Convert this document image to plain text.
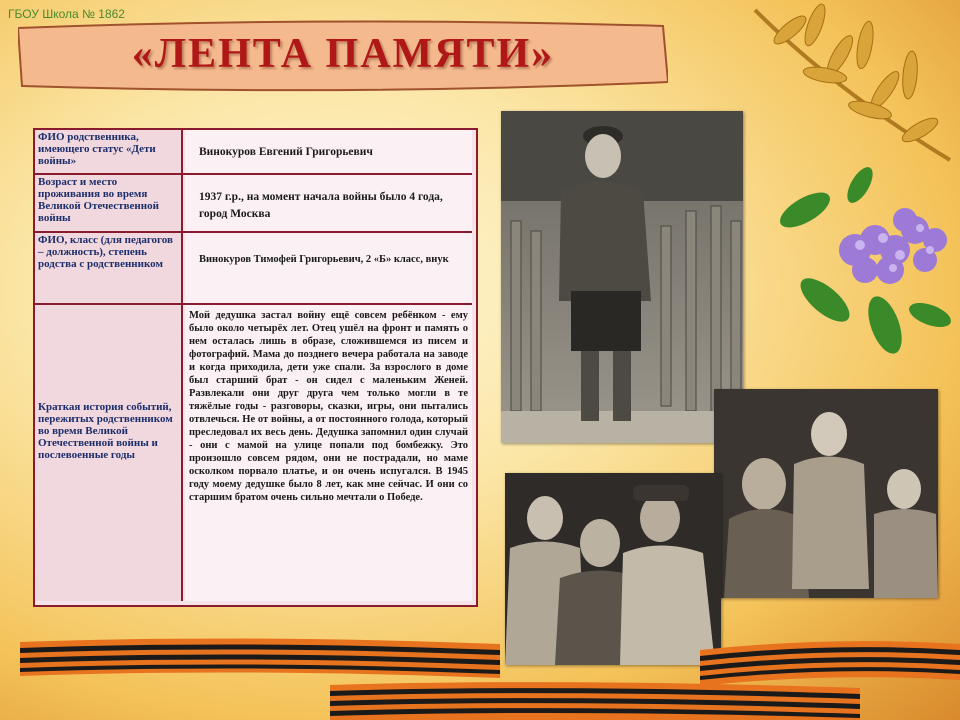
ГБОУ Школа № 1862
«ЛЕНТА ПАМЯТИ»
ФИО родственника, имеющего статус «Дети войны»
Винокуров Евгений Григорьевич
Возраст и место проживания во время Великой Отечественной войны
1937 г.р., на момент начала войны было 4 года, город Москва
ФИО, класс (для педагогов – должность), степень родства с родственником	Винокуров Тимофей Григорьевич, 2 «Б» класс, внук
Краткая история событий, пережитых родственником во время Великой Отечественной войны и послевоенные годы
Мой дедушка застал войну ещё совсем ребёнком - ему было около четырёх лет. Отец ушёл на фронт и память о нем осталась лишь в образе, сложившемся из писем и фотографий. Мама до позднего вечера работала на заводе и когда приходила, дети уже спали. За взрослого в доме был старший брат - он сидел с маленьким Женей. Развлекали они друг друга чем только могли в те тяжёлые годы - разговоры, сказки, игры, они пытались отвлечься. Не от войны, а от постоянного голода, который преследовал их весь день. Дедушка запомнил один случай - они с мамой на улице попали под бомбежку. Это произошло совсем рядом, они не пострадали, но маме осколком порвало платье, и он очень испугался. В 1945 году моему дедушке было 8 лет, как мне сейчас. И они со старшим братом очень сильно мечтали о Победе.
